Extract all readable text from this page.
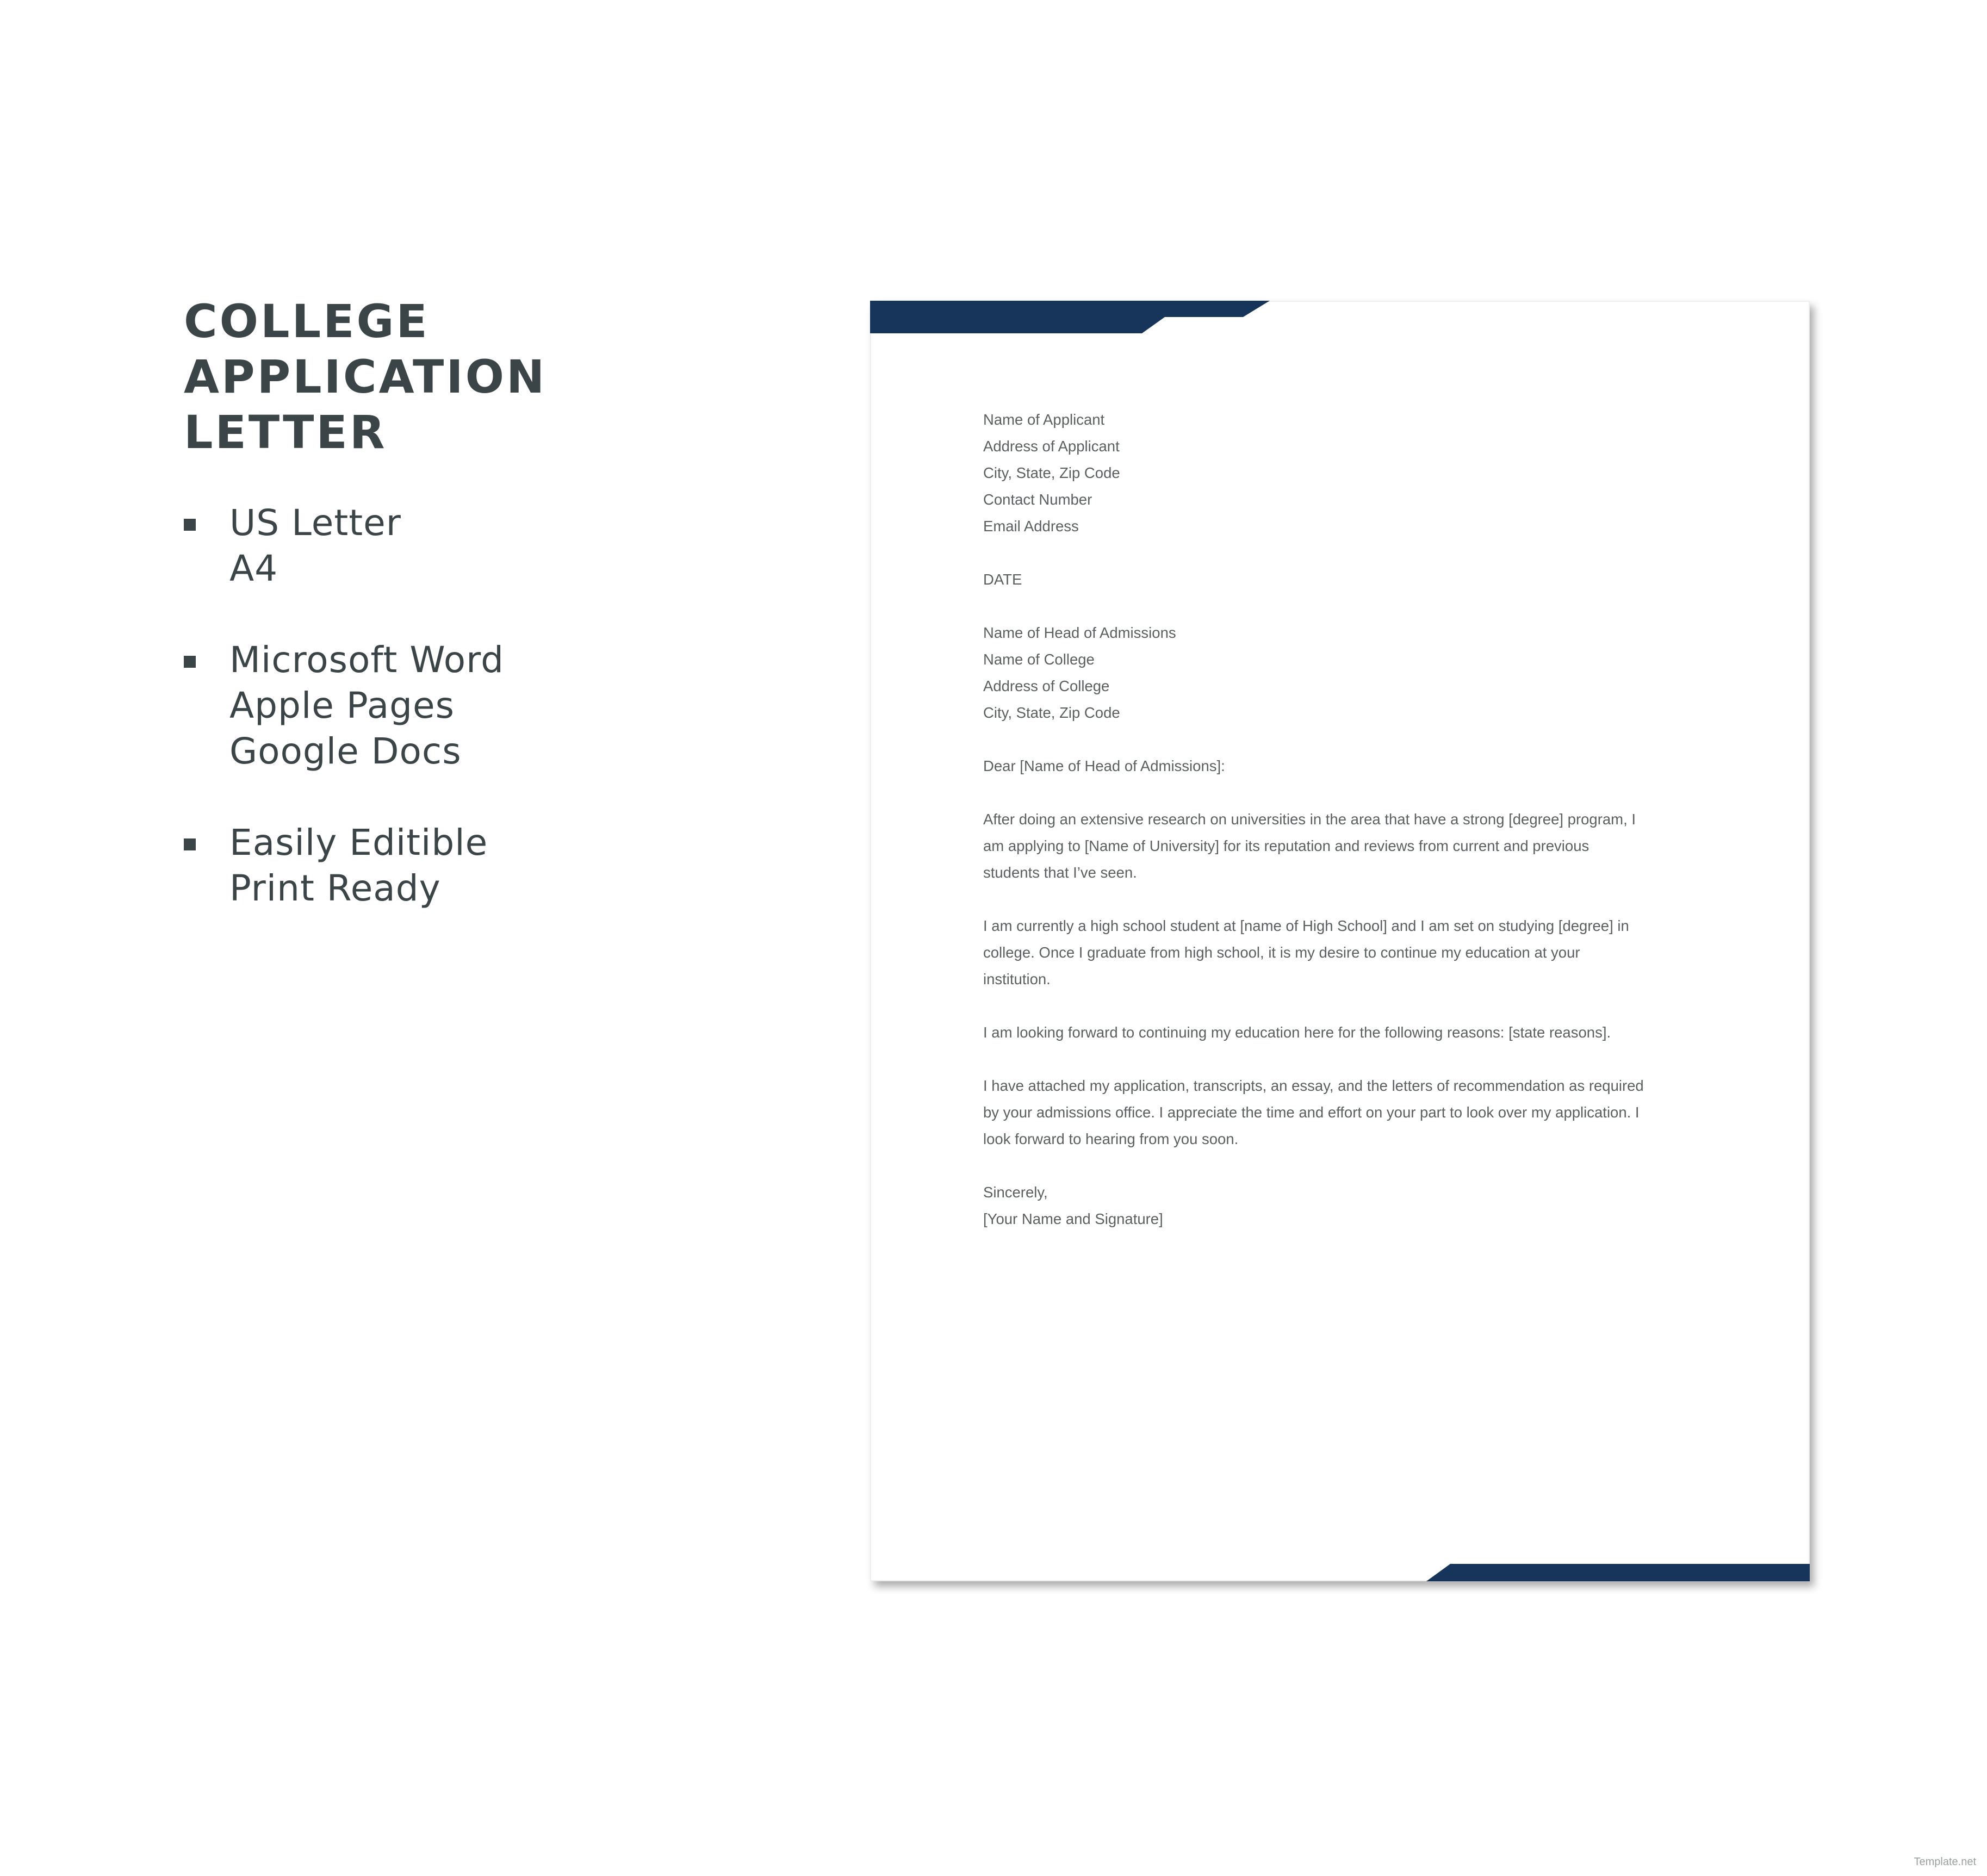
COLLEGE APPLICATION
LETTER
US Letter
A4
Microsoft Word
Apple Pages
Google Docs
Easily Editible
Print Ready

Name of Applicant
Address of Applicant
City, State, Zip Code
Contact Number
Email Address

DATE

Name of Head of Admissions
Name of College
Address of College
City, State, Zip Code

Dear [Name of Head of Admissions]:

After doing an extensive research on universities in the area that have a strong [degree] program, I
am applying to [Name of University] for its reputation and reviews from current and previous
students that I’ve seen.

I am currently a high school student at [name of High School] and I am set on studying [degree] in
college. Once I graduate from high school, it is my desire to continue my education at your
institution.

I am looking forward to continuing my education here for the following reasons: [state reasons].

I have attached my application, transcripts, an essay, and the letters of recommendation as required
by your admissions office. I appreciate the time and effort on your part to look over my application. I
look forward to hearing from you soon.

Sincerely,
[Your Name and Signature]

Template.net
